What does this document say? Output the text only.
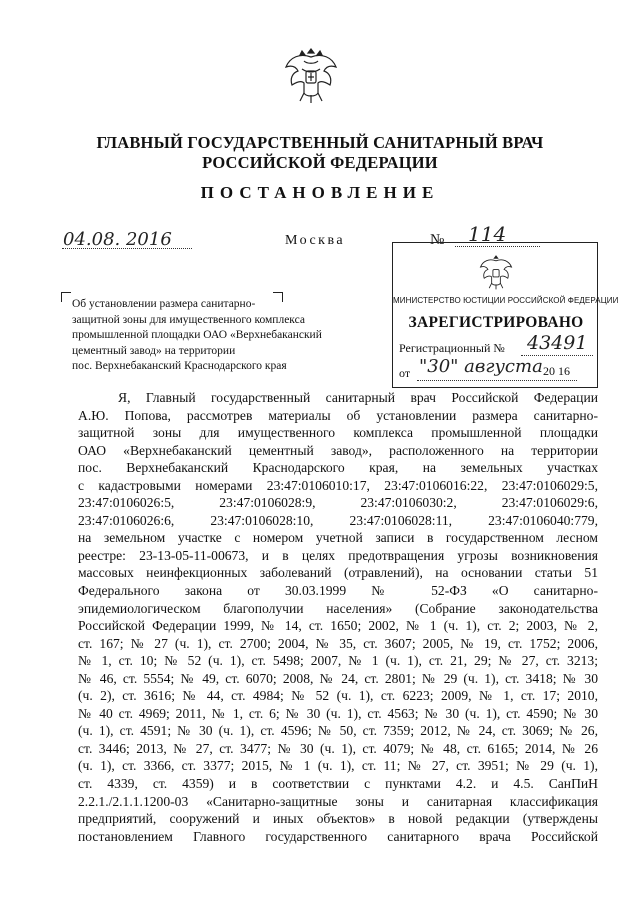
ГЛАВНЫЙ ГОСУДАРСТВЕННЫЙ САНИТАРНЫЙ ВРАЧ
РОССИЙСКОЙ ФЕДЕРАЦИИ
ПОСТАНОВЛЕНИЕ
04.08. 2016	Москва	№ 114
Об установлении размера санитарно-
защитной зоны для имущественного комплекса
промышленной площадки ОАО «Верхнебаканский
цементный завод» на территории
пос. Верхнебаканский Краснодарского края
МИНИСТЕРСТВО ЮСТИЦИИ РОССИЙСКОЙ ФЕДЕРАЦИИ
ЗАРЕГИСТРИРОВАНО
Регистрационный № 43491
от "30" августа 20 16
Я, Главный государственный санитарный врач Российской Федерации
А.Ю. Попова, рассмотрев материалы об установлении размера санитарно-
защитной зоны для имущественного комплекса промышленной площадки
ОАО «Верхнебаканский цементный завод», расположенного на территории
пос. Верхнебаканский Краснодарского края, на земельных участках
с кадастровыми номерами 23:47:0106010:17, 23:47:0106016:22, 23:47:0106029:5,
23:47:0106026:5, 23:47:0106028:9, 23:47:0106030:2, 23:47:0106029:6,
23:47:0106026:6, 23:47:0106028:10, 23:47:0106028:11, 23:47:0106040:779,
на земельном участке с номером учетной записи в государственном лесном
реестре: 23-13-05-11-00673, и в целях предотвращения угрозы возникновения
массовых неинфекционных заболеваний (отравлений), на основании статьи 51
Федерального закона от 30.03.1999 № 52-ФЗ «О санитарно-
эпидемиологическом благополучии населения» (Собрание законодательства
Российской Федерации 1999, № 14, ст. 1650; 2002, № 1 (ч. 1), ст. 2; 2003, № 2,
ст. 167; № 27 (ч. 1), ст. 2700; 2004, № 35, ст. 3607; 2005, № 19, ст. 1752; 2006,
№ 1, ст. 10; № 52 (ч. 1), ст. 5498; 2007, № 1 (ч. 1), ст. 21, 29; № 27, ст. 3213;
№ 46, ст. 5554; № 49, ст. 6070; 2008, № 24, ст. 2801; № 29 (ч. 1), ст. 3418; № 30
(ч. 2), ст. 3616; № 44, ст. 4984; № 52 (ч. 1), ст. 6223; 2009, № 1, ст. 17; 2010,
№ 40 ст. 4969; 2011, № 1, ст. 6; № 30 (ч. 1), ст. 4563; № 30 (ч. 1), ст. 4590; № 30
(ч. 1), ст. 4591; № 30 (ч. 1), ст. 4596; № 50, ст. 7359; 2012, № 24, ст. 3069; № 26,
ст. 3446; 2013, № 27, ст. 3477; № 30 (ч. 1), ст. 4079; № 48, ст. 6165; 2014, № 26
(ч. 1), ст. 3366, ст. 3377; 2015, № 1 (ч. 1), ст. 11; № 27, ст. 3951; № 29 (ч. 1),
ст. 4339, ст. 4359) и в соответствии с пунктами 4.2. и 4.5. СанПиН
2.2.1./2.1.1.1200-03 «Санитарно-защитные зоны и санитарная классификация
предприятий, сооружений и иных объектов» в новой редакции (утверждены
постановлением Главного государственного санитарного врача Российской
